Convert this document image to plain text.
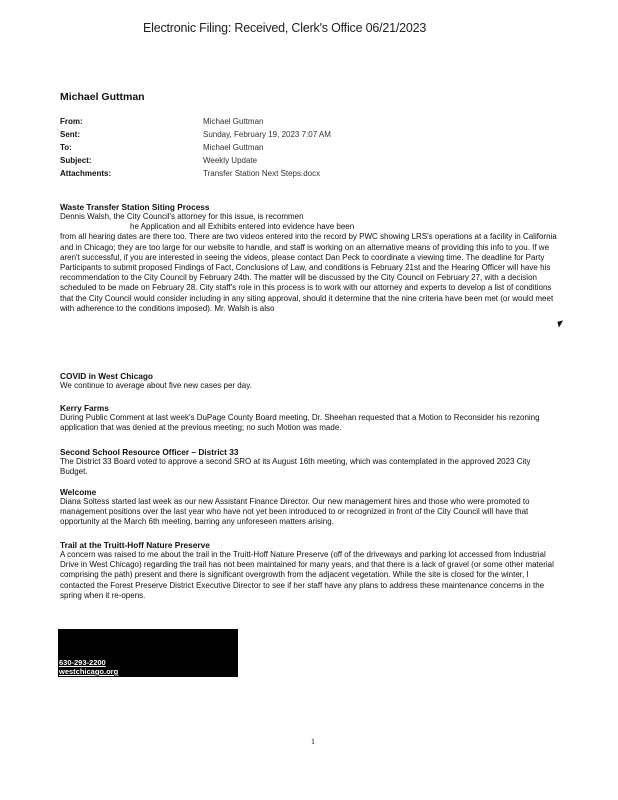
Electronic Filing: Received, Clerk's Office 06/21/2023
Michael Guttman
From:	Michael Guttman
Sent:	Sunday, February 19, 2023 7:07 AM
To:	Michael Guttman
Subject:	Weekly Update
Attachments:	Transfer Station Next Steps.docx

Waste Transfer Station Siting Process

Dennis Walsh, the City Council's attorney for this issue, is recommen

he Application and all Exhibits entered into evidence have been

from all hearing dates are there too. There are two videos entered into the record by PWC showing LRS's operations at a facility in California and in Chicago; they are too large for our website to handle, and staff is working on an alternative means of providing this info to you. If we aren't successful, if you are interested in seeing the videos, please contact Dan Peck to coordinate a viewing time. The deadline for Party Participants to submit proposed Findings of Fact, Conclusions of Law, and conditions is February 21st and the Hearing Officer will have his recommendation to the City Council by February 24th. The matter will be discussed by the City Council on February 27, with a decision scheduled to be made on February 28. City staff's role in this process is to work with our attorney and experts to develop a list of conditions that the City Council would consider including in any siting approval, should it determine that the nine criteria have been met (or would meet with adherence to the conditions imposed). Mr. Walsh is also

COVID in West Chicago

We continue to average about five new cases per day.

Kerry Farms

During Public Comment at last week's DuPage County Board meeting, Dr. Sheehan requested that a Motion to Reconsider his rezoning application that was denied at the previous meeting; no such Motion was made.

Second School Resource Officer – District 33

The District 33 Board voted to approve a second SRO at its August 16th meeting, which was contemplated in the approved 2023 City Budget.

Welcome

Diana Soltess started last week as our new Assistant Finance Director. Our new management hires and those who were promoted to management positions over the last year who have not yet been introduced to or recognized in front of the City Council will have that opportunity at the March 6th meeting, barring any unforeseen matters arising.

Trail at the Truitt-Hoff Nature Preserve

A concern was raised to me about the trail in the Truitt-Hoff Nature Preserve (off of the driveways and parking lot accessed from Industrial Drive in West Chicago) regarding the trail has not been maintained for many years, and that there is a lack of gravel (or some other material comprising the path) present and there is significant overgrowth from the adjacent vegetation. While the site is closed for the winter, I contacted the Forest Preserve District Executive Director to see if her staff have any plans to address these maintenance concerns in the spring when it re-opens.

630-293-2200
westchicago.org
1
